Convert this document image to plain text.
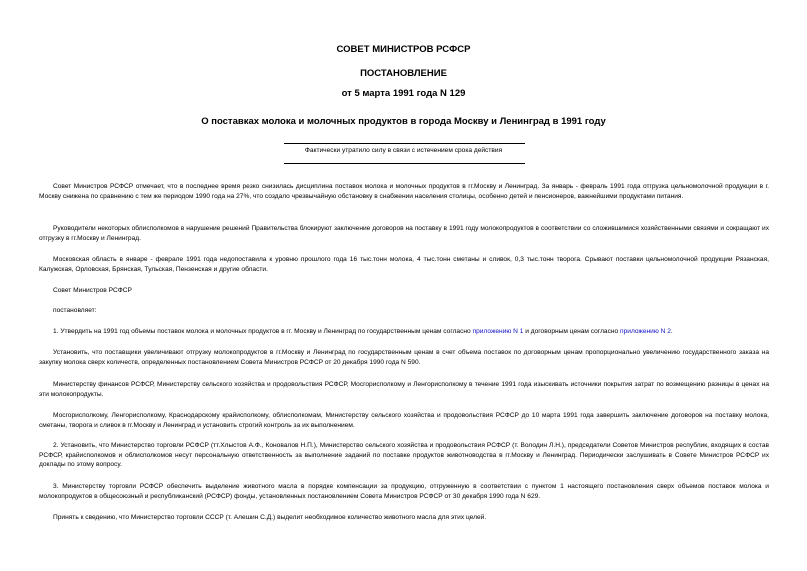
СОВЕТ МИНИСТРОВ РСФСР
ПОСТАНОВЛЕНИЕ
от 5 марта 1991 года N 129
О поставках молока и молочных продуктов в города Москву и Ленинград в 1991 году
Фактически утратило силу в связи с истечением срока действия

Совет Министров РСФСР отмечает, что в последнее время резко снизилась дисциплина поставок молока и молочных продуктов в гг.Москву и Ленинград. За январь - февраль 1991 года отгрузка цельномолочной продукции в г. Москву снижена по сравнению с тем же периодом 1990 года на 27%, что создало чрезвычайную обстановку в снабжении населения столицы, особенно детей и пенсионеров, важнейшими продуктами питания.

Руководители некоторых облисполкомов в нарушение решений Правительства блокируют заключение договоров на поставку в 1991 году молокопродуктов в соответствии со сложившимися хозяйственными связями и сокращают их отгрузку в гг.Москву и Ленинград.

Московская область в январе - феврале 1991 года недопоставила к уровню прошлого года 16 тыс.тонн молока, 4 тыс.тонн сметаны и сливок, 0,3 тыс.тонн творога. Срывают поставки цельномолочной продукции Рязанская, Калужская, Орловская, Брянская, Тульская, Пензенская и другие области.

Совет Министров РСФСР

постановляет:

1. Утвердить на 1991 год объемы поставок молока и молочных продуктов в гг. Москву и Ленинград по государственным ценам согласно приложению N 1 и договорным ценам согласно приложению N 2.

Установить, что поставщики увеличивают отгрузку молокопродуктов в гг.Москву и Ленинград по государственным ценам в счет объема поставок по договорным ценам пропорционально увеличению государственного заказа на закупку молока сверх количеств, определенных постановлением Совета Министров РСФСР от 20 декабря 1990 года N 590.

Министерству финансов РСФСР, Министерству сельского хозяйства и продовольствия РСФСР, Мосгорисполкому и Ленгорисполкому в течение 1991 года изыскивать источники покрытия затрат по возмещению разницы в ценах на эти молокопродукты.

Мосгорисполкому, Ленгорисполкому, Краснодарскому крайисполкому, облисполкомам, Министерству сельского хозяйства и продовольствия РСФСР до 10 марта 1991 года завершить заключение договоров на поставку молока, сметаны, творога и сливок в гг.Москву и Ленинград и установить строгий контроль за их выполнением.

2. Установить, что Министерство торговли РСФСР (тт.Хлыстов А.Ф., Коновалов Н.П.), Министерство сельского хозяйства и продовольствия РСФСР (т. Володин Л.Н.), председатели Советов Министров республик, входящих в состав РСФСР, крайисполкомов и облисполкомов несут персональную ответственность за выполнение заданий по поставке продуктов животноводства в гг.Москву и Ленинград. Периодически заслушивать в Совете Министров РСФСР их доклады по этому вопросу.

3. Министерству торговли РСФСР обеспечить выделение животного масла в порядке компенсации за продукцию, отгруженную в соответствии с пунктом 1 настоящего постановления сверх объемов поставок молока и молокопродуктов в общесоюзный и республиканский (РСФСР) фонды, установленных постановлением Совета Министров РСФСР от 30 декабря 1990 года N 629.

Принять к сведению, что Министерство торговли СССР (т. Алешин С.Д.) выделит необходимое количество животного масла для этих целей.
